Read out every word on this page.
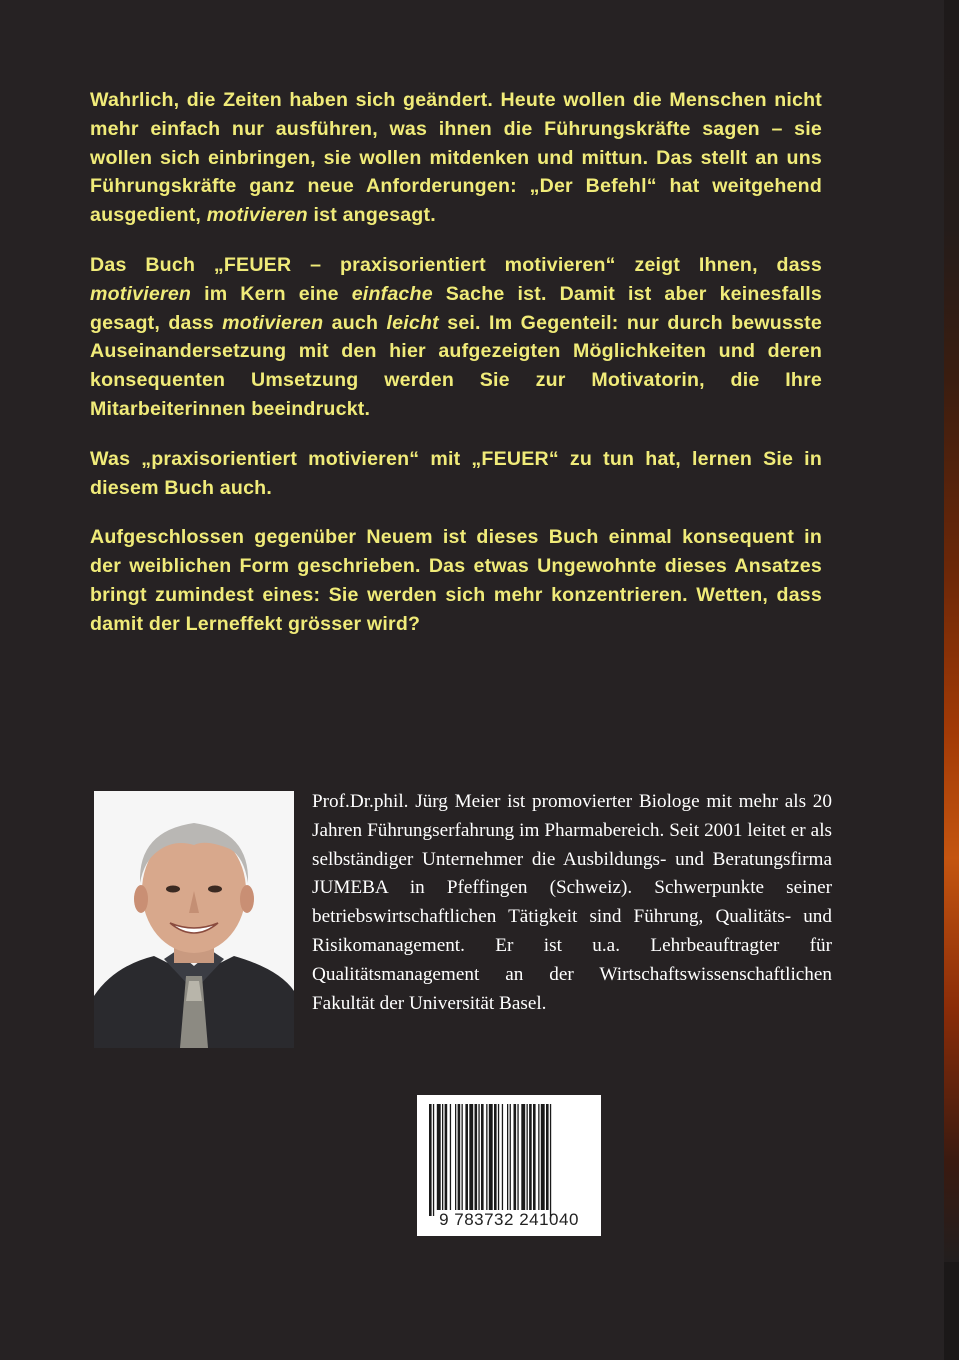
Wahrlich, die Zeiten haben sich geändert. Heute wollen die Menschen nicht mehr einfach nur ausführen, was ihnen die Führungskräfte sagen – sie wollen sich einbringen, sie wollen mitdenken und mittun. Das stellt an uns Führungskräfte ganz neue Anforderungen: „Der Befehl“ hat weitgehend ausgedient, motivieren ist angesagt.

Das Buch „FEUER – praxisorientiert motivieren“ zeigt Ihnen, dass motivieren im Kern eine einfache Sache ist. Damit ist aber keinesfalls gesagt, dass motivieren auch leicht sei. Im Gegenteil: nur durch bewusste Auseinandersetzung mit den hier aufgezeigten Möglichkeiten und deren konsequenten Umsetzung werden Sie zur Motivatorin, die Ihre Mitarbeiterinnen beeindruckt.

Was „praxisorientiert motivieren“ mit „FEUER“ zu tun hat, lernen Sie in diesem Buch auch.

Aufgeschlossen gegenüber Neuem ist dieses Buch einmal konsequent in der weiblichen Form geschrieben. Das etwas Ungewohnte dieses Ansatzes bringt zumindest eines: Sie werden sich mehr konzentrieren. Wetten, dass damit der Lerneffekt grösser wird?

Prof.Dr.phil. Jürg Meier ist promovierter Biologe mit mehr als 20 Jahren Führungserfahrung im Pharmabereich. Seit 2001 leitet er als selbständiger Unternehmer die Ausbildungs- und Beratungsfirma JUMEBA in Pfeffingen (Schweiz). Schwerpunkte seiner betriebswirtschaftlichen Tätigkeit sind Führung, Qualitäts- und Risikomanagement. Er ist u.a. Lehrbeauftragter für Qualitätsmanagement an der Wirtschaftswissenschaftlichen Fakultät der Universität Basel.

9 783732 241040
